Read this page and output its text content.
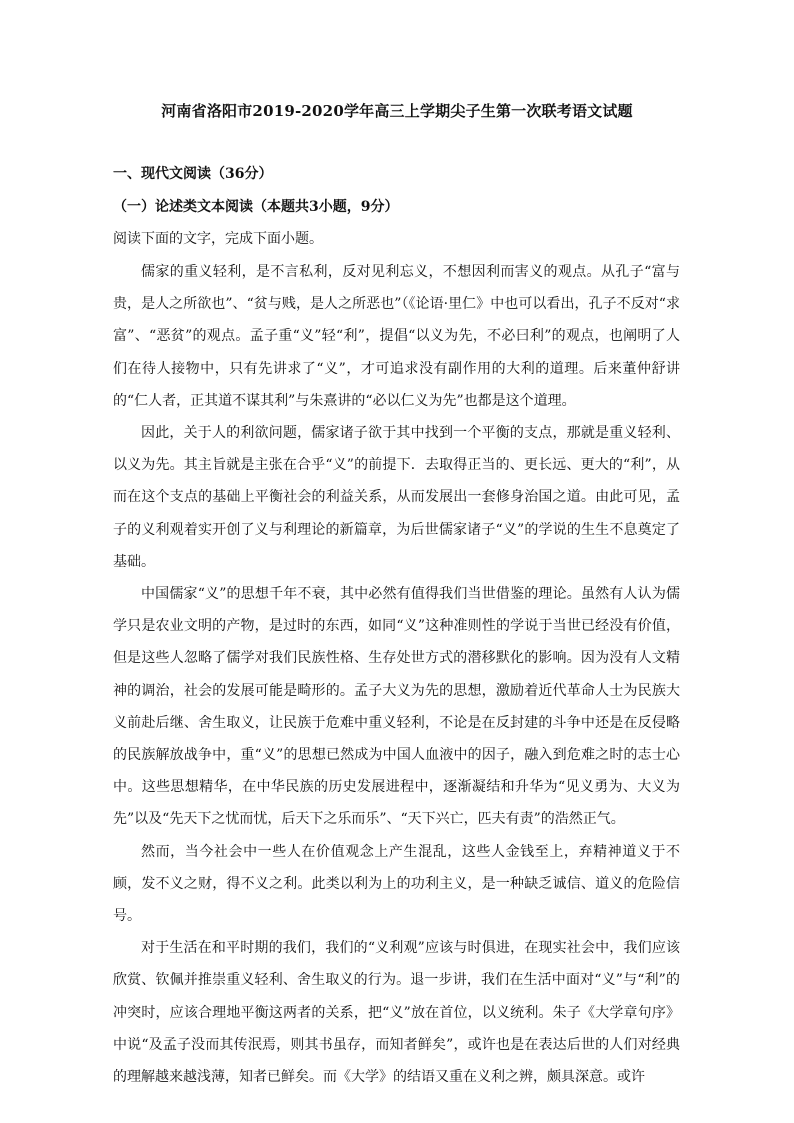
河南省洛阳市2019-2020学年高三上学期尖子生第一次联考语文试题
一、现代文阅读（36分）
（一）论述类文本阅读（本题共3小题，9分）
阅读下面的文字，完成下面小题。

儒家的重义轻利，是不言私利，反对见利忘义，不想因利而害义的观点。从孔子“富与贵，是人之所欲也”、“贫与贱，是人之所恶也”（《论语·里仁》中也可以看出，孔子不反对“求富”、“恶贫”的观点。孟子重“义”轻“利”，提倡“以义为先，不必曰利”的观点，也阐明了人们在待人接物中，只有先讲求了“义”，才可追求没有副作用的大利的道理。后来董仲舒讲的“仁人者，正其道不谋其利”与朱熹讲的“必以仁义为先”也都是这个道理。

因此，关于人的利欲问题，儒家诸子欲于其中找到一个平衡的支点，那就是重义轻利、以义为先。其主旨就是主张在合乎“义”的前提下．去取得正当的、更长远、更大的“利”，从而在这个支点的基础上平衡社会的利益关系，从而发展出一套修身治国之道。由此可见，孟子的义利观着实开创了义与利理论的新篇章，为后世儒家诸子“义”的学说的生生不息奠定了基础。

中国儒家“义”的思想千年不衰，其中必然有值得我们当世借鉴的理论。虽然有人认为儒学只是农业文明的产物，是过时的东西，如同“义”这种准则性的学说于当世已经没有价值，但是这些人忽略了儒学对我们民族性格、生存处世方式的潜移默化的影响。因为没有人文精神的调治，社会的发展可能是畸形的。孟子大义为先的思想，激励着近代革命人士为民族大义前赴后继、舍生取义，让民族于危难中重义轻利，不论是在反封建的斗争中还是在反侵略的民族解放战争中，重“义”的思想已然成为中国人血液中的因子，融入到危难之时的志士心中。这些思想精华，在中华民族的历史发展进程中，逐渐凝结和升华为“见义勇为、大义为先”以及“先天下之忧而忧，后天下之乐而乐”、“天下兴亡，匹夫有责”的浩然正气。

然而，当今社会中一些人在价值观念上产生混乱，这些人金钱至上，弃精神道义于不顾，发不义之财，得不义之利。此类以利为上的功利主义，是一种缺乏诚信、道义的危险信号。

对于生活在和平时期的我们，我们的“义利观”应该与时俱进，在现实社会中，我们应该欣赏、钦佩并推崇重义轻利、舍生取义的行为。退一步讲，我们在生活中面对“义”与“利”的冲突时，应该合理地平衡这两者的关系，把“义”放在首位，以义统利。朱子《大学章句序》中说“及孟子没而其传泯焉，则其书虽存，而知者鲜矣”，或许也是在表达后世的人们对经典的理解越来越浅薄，知者已鲜矣。而《大学》的结语又重在义利之辨，颇具深意。或许
